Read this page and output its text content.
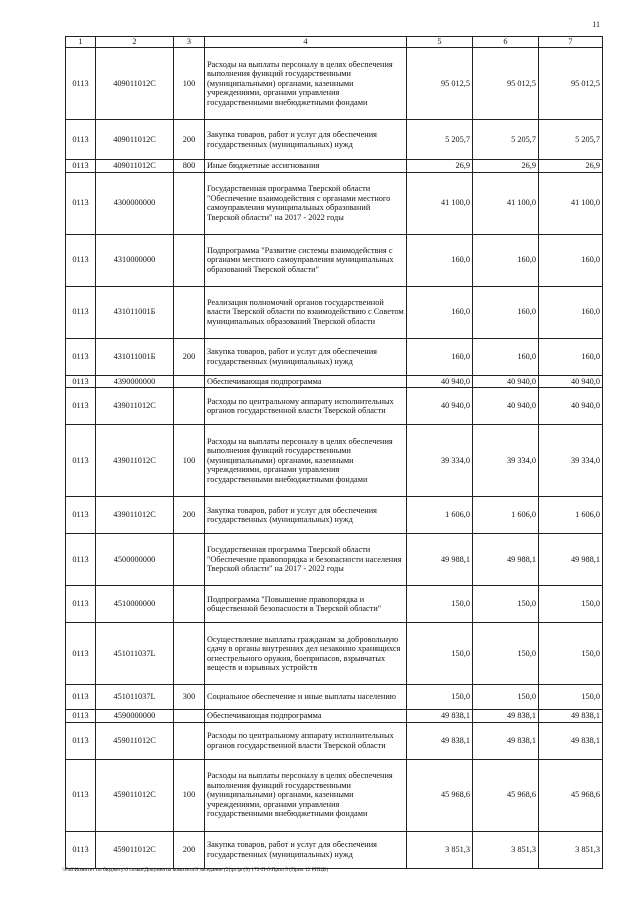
11
1	2	3	4	5	6	7
0113	409011012С	100	Расходы на выплаты персоналу в целях обеспечения выполнения функций государственными (муниципальными) органами, казенными учреждениями, органами управления государственными внебюджетными фондами	95 012,5	95 012,5	95 012,5
0113	409011012С	200	Закупка товаров, работ и услуг для обеспечения государственных (муниципальных) нужд	5 205,7	5 205,7	5 205,7
0113	409011012С	800	Иные бюджетные ассигнования	26,9	26,9	26,9
0113	4300000000		Государственная программа Тверской области "Обеспечение взаимодействия с органами местного самоуправления муниципальных образований Тверской области" на 2017 - 2022 годы	41 100,0	41 100,0	41 100,0
0113	4310000000		Подпрограмма "Развитие системы взаимодействия с органами местного самоуправления муниципальных образований Тверской области"	160,0	160,0	160,0
0113	431011001Б		Реализация полномочий органов государственной власти Тверской области по взаимодействию с Советом муниципальных образований Тверской области	160,0	160,0	160,0
0113	431011001Б	200	Закупка товаров, работ и услуг для обеспечения государственных (муниципальных) нужд	160,0	160,0	160,0
0113	4390000000		Обеспечивающая подпрограмма	40 940,0	40 940,0	40 940,0
0113	439011012С		Расходы по центральному аппарату исполнительных органов государственной власти Тверской области	40 940,0	40 940,0	40 940,0
0113	439011012С	100	Расходы на выплаты персоналу в целях обеспечения выполнения функций государственными (муниципальными) органами, казенными учреждениями, органами управления государственными внебюджетными фондами	39 334,0	39 334,0	39 334,0
0113	439011012С	200	Закупка товаров, работ и услуг для обеспечения государственных (муниципальных) нужд	1 606,0	1 606,0	1 606,0
0113	4500000000		Государственная программа Тверской области "Обеспечение правопорядка и безопасности населения Тверской области" на 2017 - 2022 годы	49 988,1	49 988,1	49 988,1
0113	4510000000		Подпрограмма "Повышение правопорядка и общественной безопасности в Тверской области"	150,0	150,0	150,0
0113	451011037L		Осуществление выплаты гражданам за добровольную сдачу в органы внутренних дел незаконно хранящихся огнестрельного оружия, боеприпасов, взрывчатых веществ и взрывных устройств	150,0	150,0	150,0
0113	451011037L	300	Социальное обеспечение и иные выплаты населению	150,0	150,0	150,0
0113	4590000000		Обеспечивающая подпрограмма	49 838,1	49 838,1	49 838,1
0113	459011012С		Расходы по центральному аппарату исполнительных органов государственной власти Тверской области	49 838,1	49 838,1	49 838,1
0113	459011012С	100	Расходы на выплаты персоналу в целях обеспечения выполнения функций государственными (муниципальными) органами, казенными учреждениями, органами управления государственными внебюджетными фондами	45 968,6	45 968,6	45 968,6
0113	459011012С	200	Закупка товаров, работ и услуг для обеспечения государственных (муниципальных) нужд	3 851,3	3 851,3	3 851,3
\\Fa0\Комитет по бюджету\6 созыв\Документы комитета\9 заседание (2)\рг\рг(9) 172-П-6\Прил 5 (Прил 12 РПЦВ)
